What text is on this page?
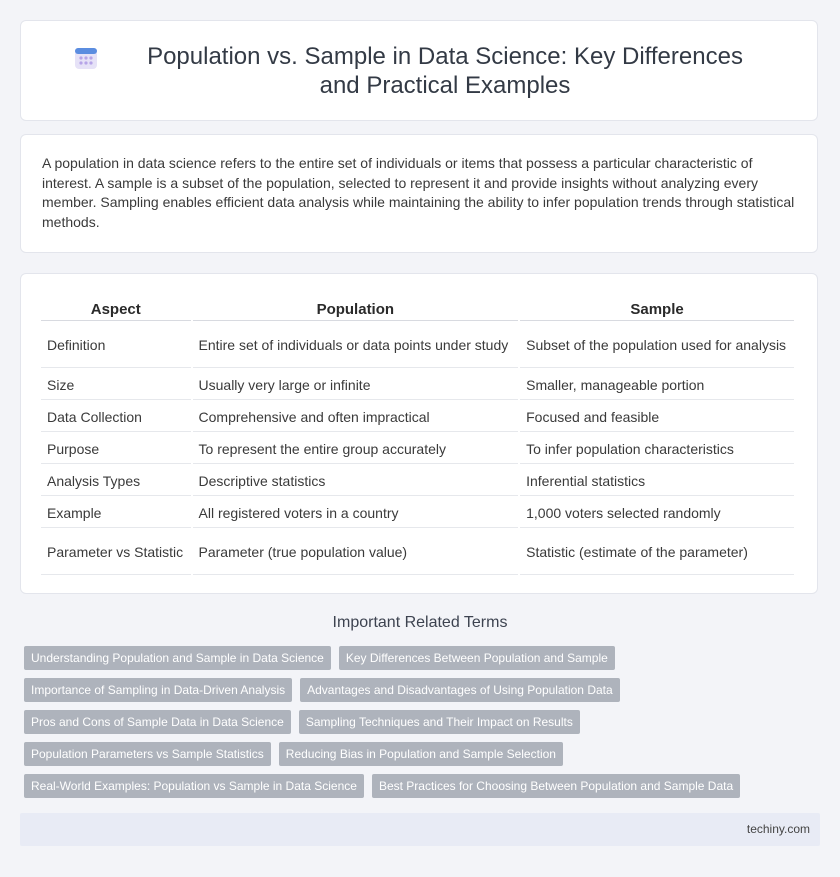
Population vs. Sample in Data Science: Key Differences and Practical Examples

A population in data science refers to the entire set of individuals or items that possess a particular characteristic of interest. A sample is a subset of the population, selected to represent it and provide insights without analyzing every member. Sampling enables efficient data analysis while maintaining the ability to infer population trends through statistical methods.

Aspect	Population	Sample
Definition	Entire set of individuals or data points under study	Subset of the population used for analysis
Size	Usually very large or infinite	Smaller, manageable portion
Data Collection	Comprehensive and often impractical	Focused and feasible
Purpose	To represent the entire group accurately	To infer population characteristics
Analysis Types	Descriptive statistics	Inferential statistics
Example	All registered voters in a country	1,000 voters selected randomly
Parameter vs Statistic	Parameter (true population value)	Statistic (estimate of the parameter)
Important Related Terms
Understanding Population and Sample in Data Science	Key Differences Between Population and Sample
Importance of Sampling in Data-Driven Analysis	Advantages and Disadvantages of Using Population Data
Pros and Cons of Sample Data in Data Science	Sampling Techniques and Their Impact on Results
Population Parameters vs Sample Statistics	Reducing Bias in Population and Sample Selection
Real-World Examples: Population vs Sample in Data Science	Best Practices for Choosing Between Population and Sample Data
techiny.com
